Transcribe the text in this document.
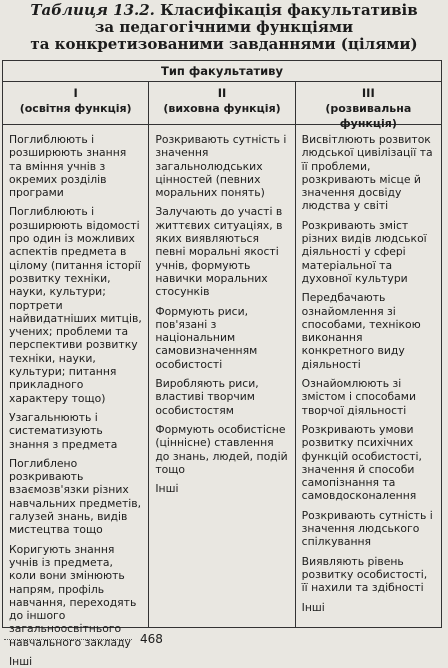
Таблиця 13.2. Класифікація факультативів
за педагогічними функціями
та конкретизованими завданнями (цілями)
Тип факультативу
I
(освітня функція)
II
(виховна функція)
III
(розвивальна функція)
Поглиблюють і розширюють знання та вміння учнів з окремих розділів програми
Поглиблюють і розширюють відомості про один із можливих аспектів предмета в цілому (питання історії розвитку техніки, науки, культури; портрети найвидатніших митців, учених; проблеми та перспективи розвитку техніки, науки, культури; питання прикладного характеру тощо)
Узагальнюють і систематизують знання з предмета
Поглиблено розкривають взаємозв'язки різних навчальних предметів, галузей знань, видів мистецтва тощо
Коригують знання учнів із предмета, коли вони змінюють напрям, профіль навчання, переходять до іншого загальноосвітнього навчального закладу
Інші
Розкривають сутність і значення загальнолюдських цінностей (певних моральних понять)
Залучають до участі в життєвих ситуаціях, в яких виявляються певні моральні якості учнів, формують навички моральних стосунків
Формують риси, пов'язані з національним самовизначенням особистості
Виробляють риси, властиві творчим особистостям
Формують особистісне (ціннісне) ставлення до знань, людей, подій тощо
Інші
Висвітлюють розвиток людської цивілізації та її проблеми, розкривають місце й значення досвіду людства у світі
Розкривають зміст різних видів людської діяльності у сфері матеріальної та духовної культури
Передбачають ознайомлення зі способами, технікою виконання конкретного виду діяльності
Ознайомлюють зі змістом і способами творчої діяльності
Розкривають умови розвитку психічних функцій особистості, значення й способи самопізнання та самовдосконалення
Розкривають сутність і значення людського спілкування
Виявляють рівень розвитку особистості, її нахили та здібності
Інші
468
